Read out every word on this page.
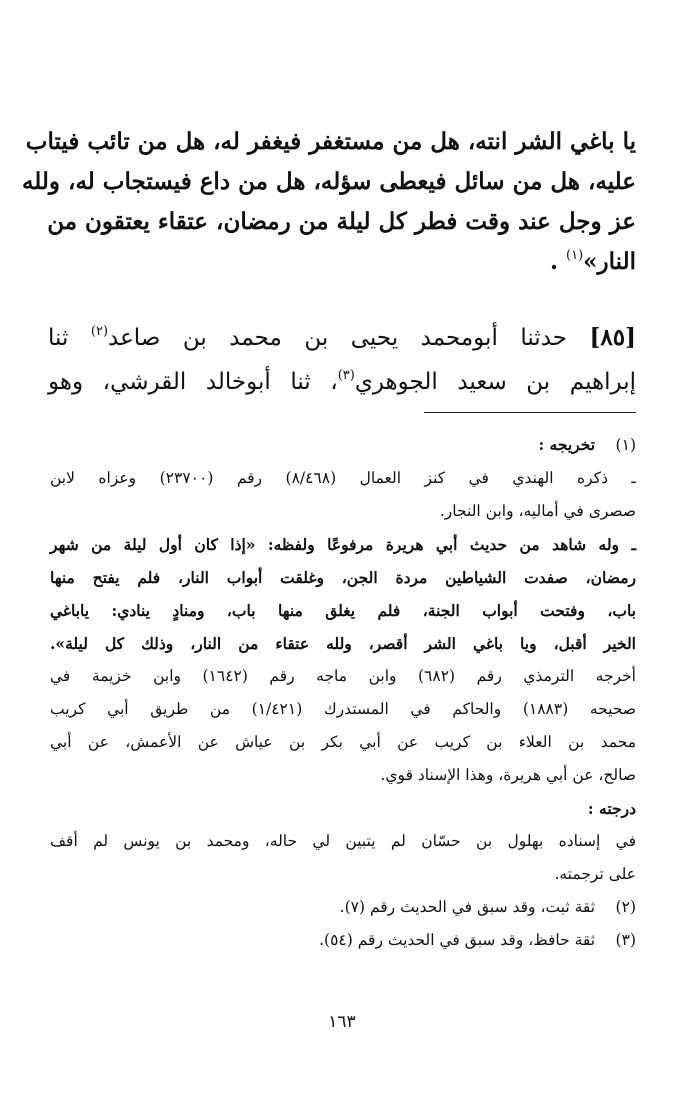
يا باغي الشر انته، هل من مستغفر فيغفر له، هل من تائب فيتاب
عليه، هل من سائل فيعطى سؤله، هل من داع فيستجاب له، ولله
عز وجل عند وقت فطر كل ليلة من رمضان، عتقاء يعتقون من
النار»$^{(١)}$ .
[٨٥] حدثنا أبومحمد يحيى بن محمد بن صاعد$^{(٢)}$ ثنا
إبراهيم بن سعيد الجوهري$^{(٣)}$، ثنا أبوخالد القرشي، وهو
(١) تخريجه :
ـ ذكره الهندي في كنز العمال (٨/٤٦٨) رقم (٢٣٧٠٠) وعزاه لابن
صصرى في أماليه، وابن النجار.
ـ وله شاهد من حديث أبي هريرة مرفوعًا ولفظه: «إذا كان أول ليلة من شهر
رمضان، صفدت الشياطين مردة الجن، وغلقت أبواب النار، فلم يفتح منها
باب، وفتحت أبواب الجنة، فلم يغلق منها باب، ومنادٍ ينادي: ياباغي
الخير أقبل، ويا باغي الشر أقصر، ولله عتقاء من النار، وذلك كل ليلة».
أخرجه الترمذي رقم (٦٨٢) وابن ماجه رقم (١٦٤٢) وابن خزيمة في
صحيحه (١٨٨٣) والحاكم في المستدرك (١/٤٢١) من طريق أبي كريب
محمد بن العلاء بن كريب عن أبي بكر بن عياش عن الأعمش، عن أبي
صالح، عن أبي هريرة، وهذا الإسناد قوي.
درجته :
في إسناده بهلول بن حسّان لم يتبين لي حاله، ومحمد بن يونس لم أقف
على ترجمته.
(٢) ثقة ثبت، وقد سبق في الحديث رقم (٧).
(٣) ثقة حافظ، وقد سبق في الحديث رقم (٥٤).
١٦٣
